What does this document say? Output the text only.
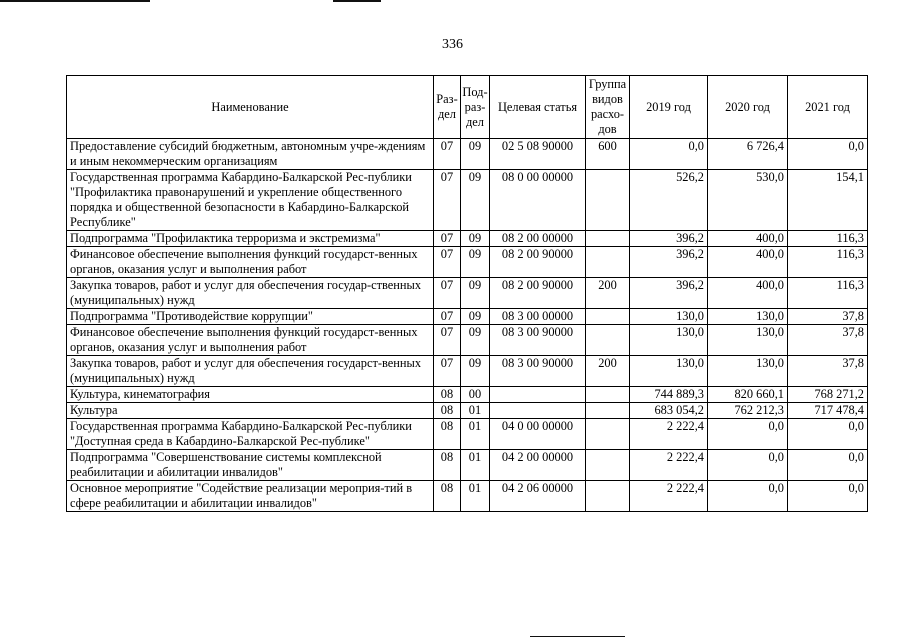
336
Наименование	Раз-дел	Под-раз-дел	Целевая статья	Группа видов расхо-дов	2019 год	2020 год	2021 год
Предоставление субсидий бюджетным, автономным учре-ждениям и иным некоммерческим организациям	07	09	02 5 08 90000	600	0,0	6 726,4	0,0
Государственная программа Кабардино-Балкарской Рес-публики "Профилактика правонарушений и укрепление общественного порядка и общественной безопасности в Кабардино-Балкарской Республике"	07	09	08 0 00 00000		526,2	530,0	154,1
Подпрограмма "Профилактика терроризма и экстремизма"	07	09	08 2 00 00000		396,2	400,0	116,3
Финансовое обеспечение выполнения функций государст-венных органов, оказания услуг и выполнения работ	07	09	08 2 00 90000		396,2	400,0	116,3
Закупка товаров, работ и услуг для обеспечения государ-ственных (муниципальных) нужд	07	09	08 2 00 90000	200	396,2	400,0	116,3
Подпрограмма "Противодействие коррупции"	07	09	08 3 00 00000		130,0	130,0	37,8
Финансовое обеспечение выполнения функций государст-венных органов, оказания услуг и выполнения работ	07	09	08 3 00 90000		130,0	130,0	37,8
Закупка товаров, работ и услуг для обеспечения государст-венных (муниципальных) нужд	07	09	08 3 00 90000	200	130,0	130,0	37,8
Культура, кинематография	08	00			744 889,3	820 660,1	768 271,2
Культура	08	01			683 054,2	762 212,3	717 478,4
Государственная программа Кабардино-Балкарской Рес-публики "Доступная среда в Кабардино-Балкарской Рес-публике"	08	01	04 0 00 00000		2 222,4	0,0	0,0
Подпрограмма "Совершенствование системы комплексной реабилитации и абилитации инвалидов"	08	01	04 2 00 00000		2 222,4	0,0	0,0
Основное мероприятие "Содействие реализации мероприя-тий в сфере реабилитации и абилитации инвалидов"	08	01	04 2 06 00000		2 222,4	0,0	0,0
